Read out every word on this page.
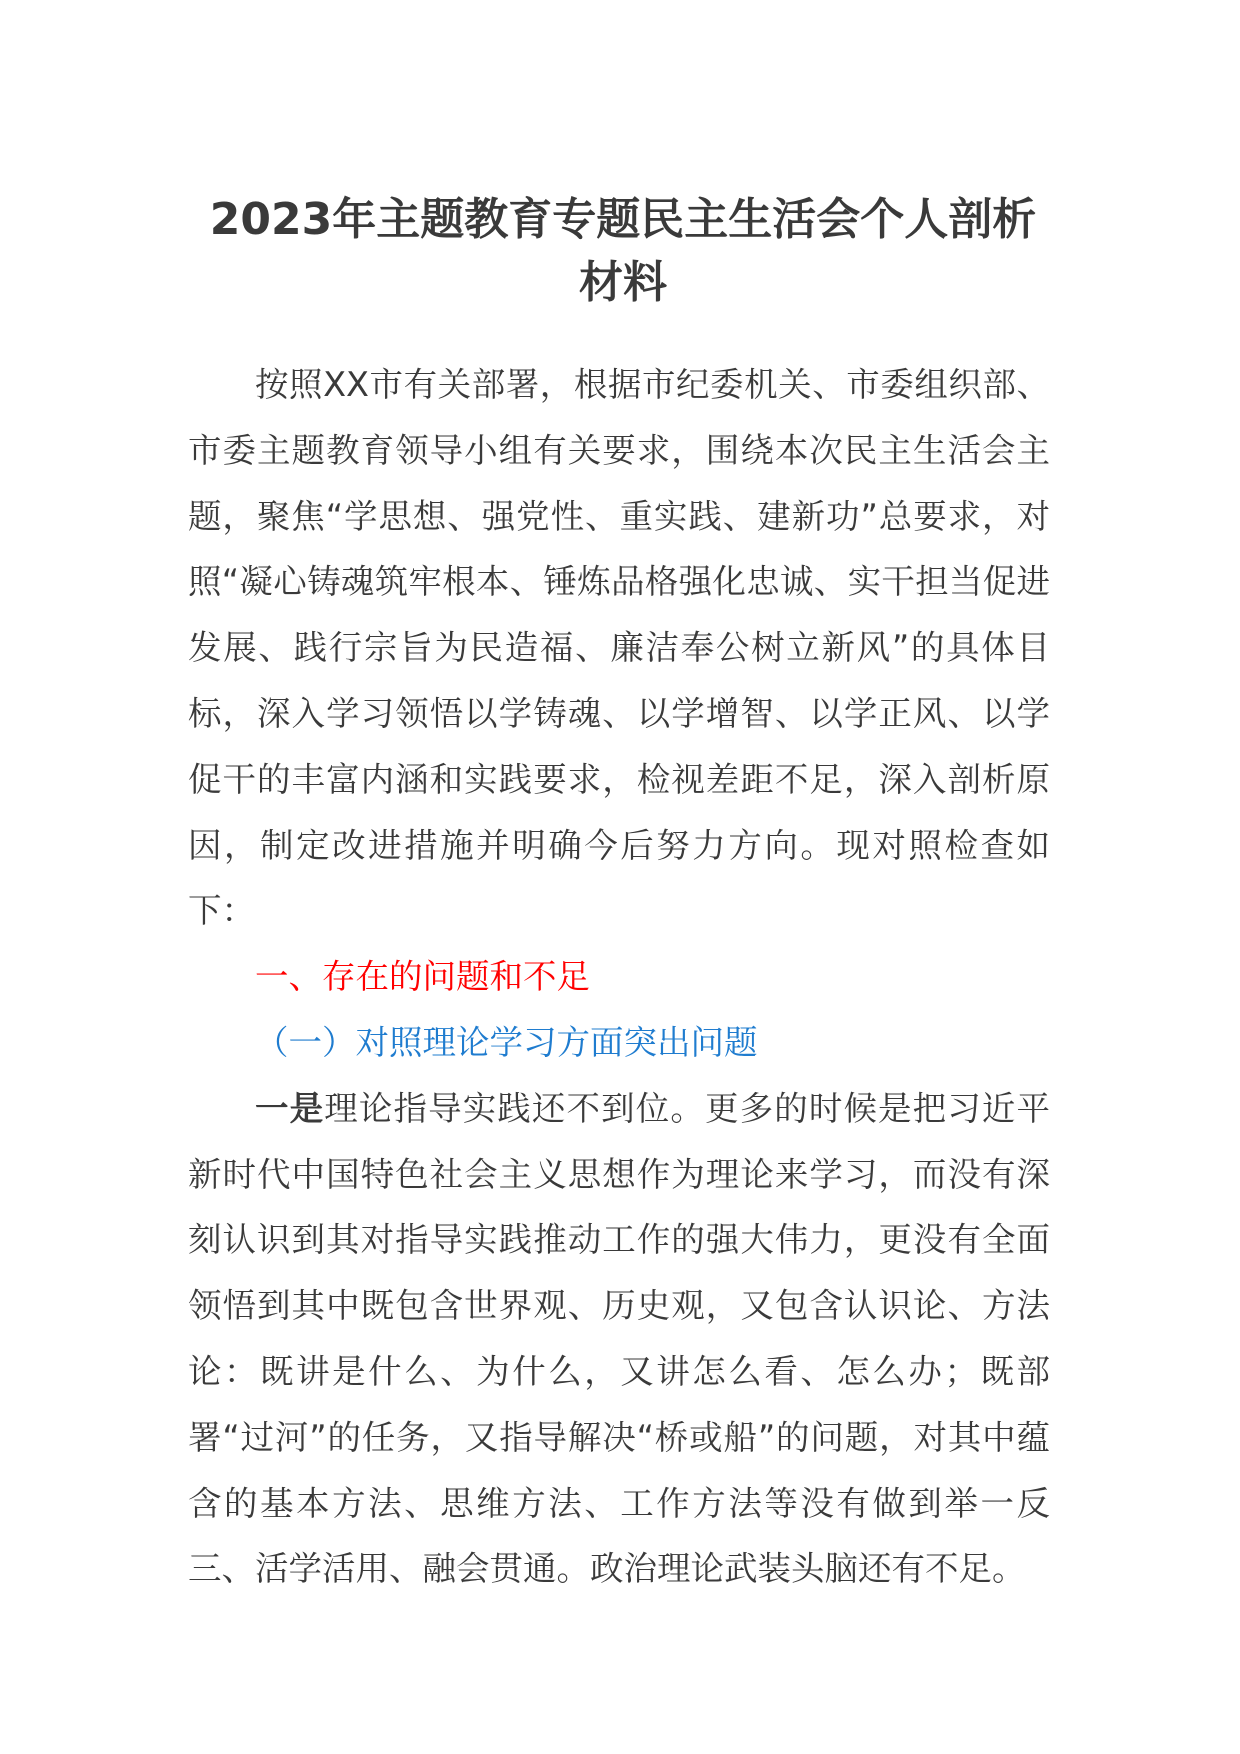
2023年主题教育专题民主生活会个人剖析材料

按照XX市有关部署，根据市纪委机关、市委组织部、市委主题教育领导小组有关要求，围绕本次民主生活会主题，聚焦“学思想、强党性、重实践、建新功”总要求，对照“凝心铸魂筑牢根本、锤炼品格强化忠诚、实干担当促进发展、践行宗旨为民造福、廉洁奉公树立新风”的具体目标，深入学习领悟以学铸魂、以学增智、以学正风、以学促干的丰富内涵和实践要求，检视差距不足，深入剖析原因，制定改进措施并明确今后努力方向。现对照检查如下：

一、存在的问题和不足

（一）对照理论学习方面突出问题

一是理论指导实践还不到位。更多的时候是把习近平新时代中国特色社会主义思想作为理论来学习，而没有深刻认识到其对指导实践推动工作的强大伟力，更没有全面领悟到其中既包含世界观、历史观，又包含认识论、方法论：既讲是什么、为什么，又讲怎么看、怎么办；既部署“过河”的任务，又指导解决“桥或船”的问题，对其中蕴含的基本方法、思维方法、工作方法等没有做到举一反三、活学活用、融会贯通。政治理论武装头脑还有不足。
